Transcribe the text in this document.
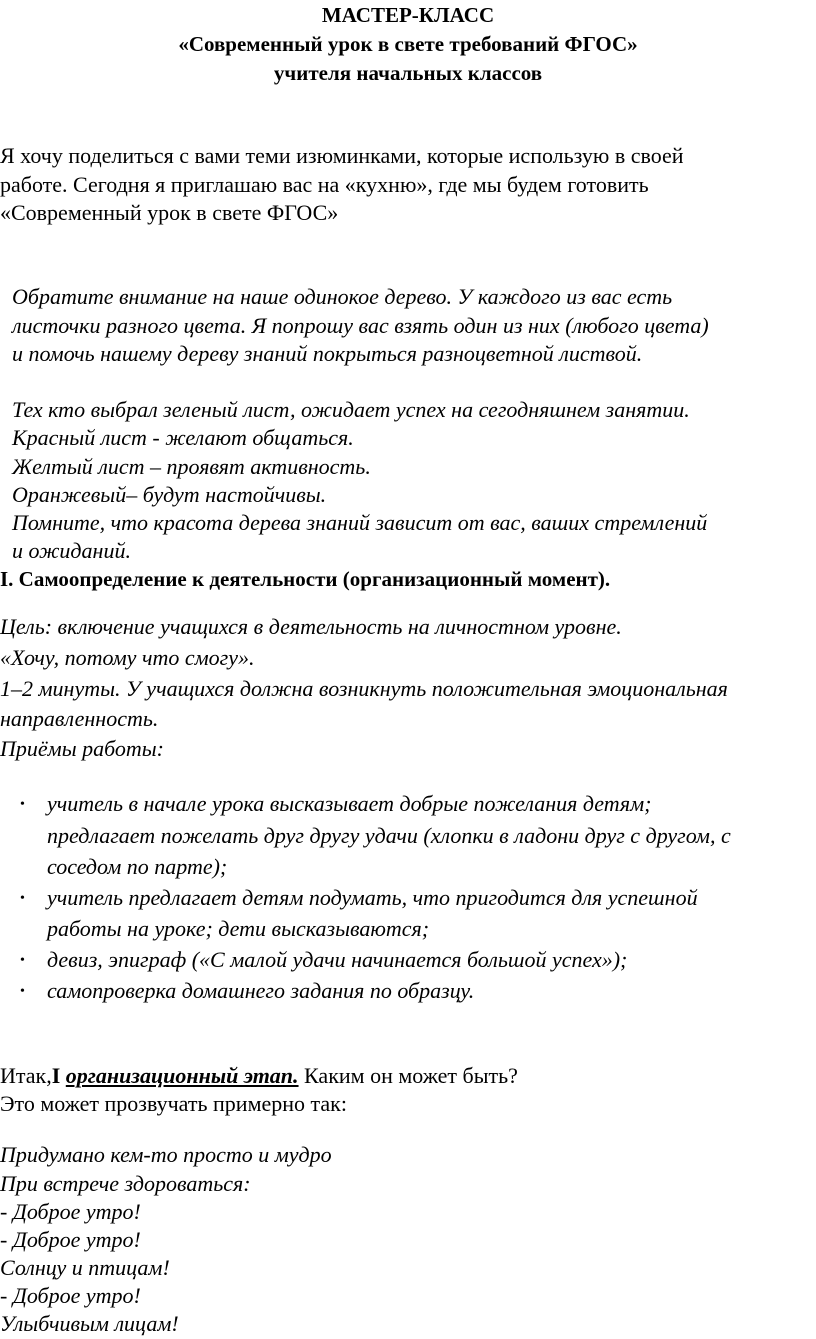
МАСТЕР-КЛАСС
«Современный урок в свете требований ФГОС»
учителя начальных классов
Я хочу поделиться с вами теми изюминками, которые использую в своей
работе. Сегодня я приглашаю вас на «кухню», где мы будем готовить
«Современный урок в свете ФГОС»
Обратите внимание на наше одинокое дерево. У каждого из вас есть
листочки разного цвета. Я попрошу вас взять один из них (любого цвета)
и помочь нашему дереву знаний покрыться разноцветной листвой.
Тех кто выбрал зеленый лист, ожидает успех на сегодняшнем занятии.
Красный лист - желают общаться.
Желтый лист – проявят активность.
Оранжевый– будут настойчивы.
Помните, что красота дерева знаний зависит от вас, ваших стремлений
и ожиданий.
I. Самоопределение к деятельности (организационный момент).
Цель: включение учащихся в деятельность на личностном уровне.
«Хочу, потому что смогу».
1–2 минуты. У учащихся должна возникнуть положительная эмоциональная
направленность.
Приёмы работы:
• учитель в начале урока высказывает добрые пожелания детям;
предлагает пожелать друг другу удачи (хлопки в ладони друг с другом, с
соседом по парте);
• учитель предлагает детям подумать, что пригодится для успешной
работы на уроке; дети высказываются;
• девиз, эпиграф («С малой удачи начинается большой успех»);
• самопроверка домашнего задания по образцу.
Итак,I организационный этап. Каким он может быть?
Это может прозвучать примерно так:
Придумано кем-то просто и мудро
При встрече здороваться:
- Доброе утро!
- Доброе утро!
Солнцу и птицам!
- Доброе утро!
Улыбчивым лицам!
